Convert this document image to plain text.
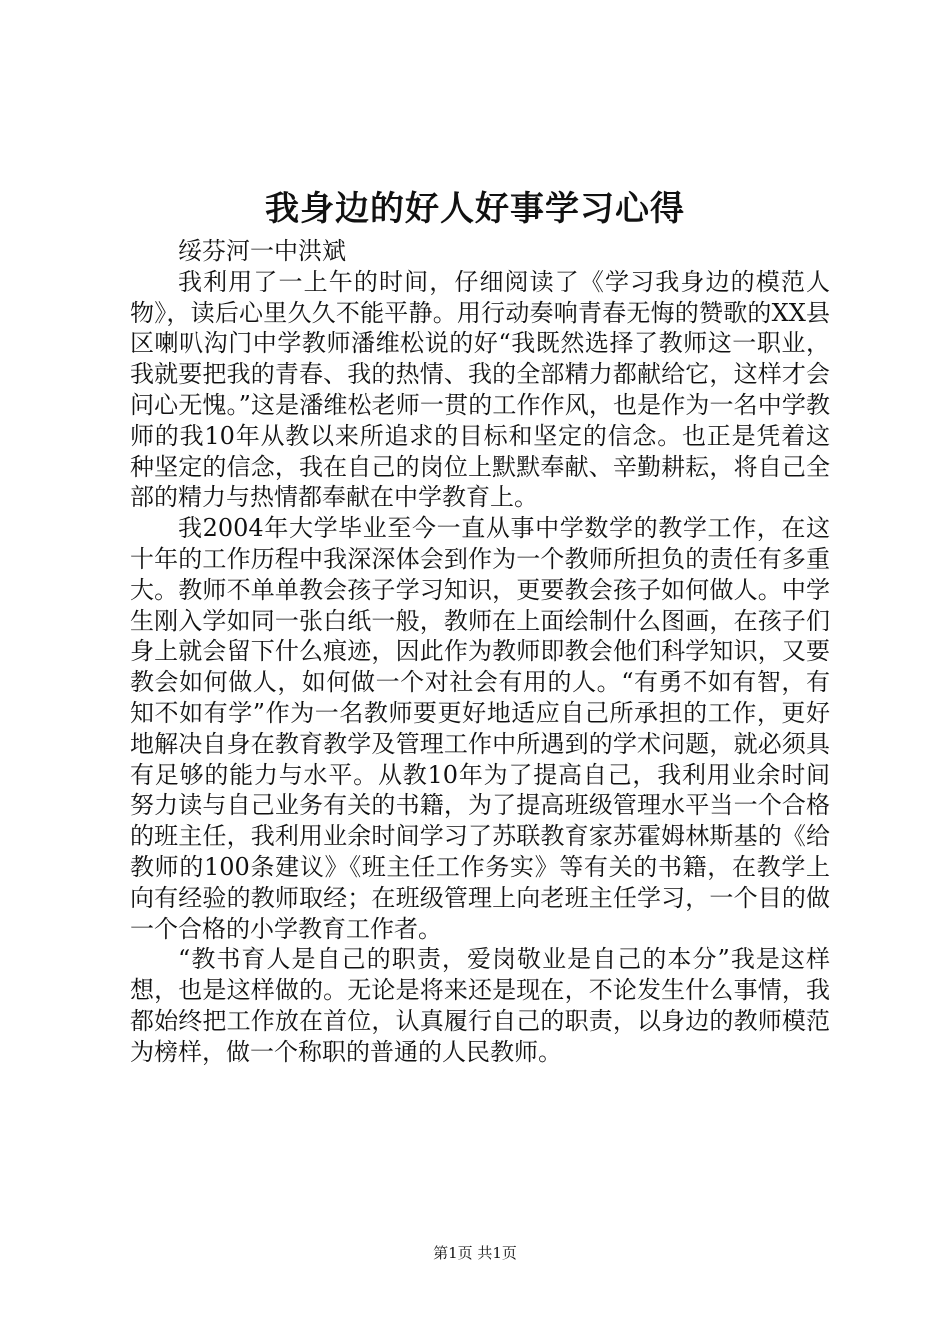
我身边的好人好事学习心得

绥芬河一中洪斌

我利用了一上午的时间，仔细阅读了《学习我身边的模范人物》，读后心里久久不能平静。用行动奏响青春无悔的赞歌的XX县区喇叭沟门中学教师潘维松说的好“我既然选择了教师这一职业，我就要把我的青春、我的热情、我的全部精力都献给它，这样才会问心无愧。”这是潘维松老师一贯的工作作风，也是作为一名中学教师的我10年从教以来所追求的目标和坚定的信念。也正是凭着这种坚定的信念，我在自己的岗位上默默奉献、辛勤耕耘，将自己全部的精力与热情都奉献在中学教育上。

我2004年大学毕业至今一直从事中学数学的教学工作，在这十年的工作历程中我深深体会到作为一个教师所担负的责任有多重大。教师不单单教会孩子学习知识，更要教会孩子如何做人。中学生刚入学如同一张白纸一般，教师在上面绘制什么图画，在孩子们身上就会留下什么痕迹，因此作为教师即教会他们科学知识，又要教会如何做人，如何做一个对社会有用的人。“有勇不如有智，有知不如有学”作为一名教师要更好地适应自己所承担的工作，更好地解决自身在教育教学及管理工作中所遇到的学术问题，就必须具有足够的能力与水平。从教10年为了提高自己，我利用业余时间努力读与自己业务有关的书籍，为了提高班级管理水平当一个合格的班主任，我利用业余时间学习了苏联教育家苏霍姆林斯基的《给教师的100条建议》《班主任工作务实》等有关的书籍，在教学上向有经验的教师取经；在班级管理上向老班主任学习，一个目的做一个合格的小学教育工作者。

“教书育人是自己的职责，爱岗敬业是自己的本分”我是这样想，也是这样做的。无论是将来还是现在，不论发生什么事情，我都始终把工作放在首位，认真履行自己的职责，以身边的教师模范为榜样，做一个称职的普通的人民教师。

第1页 共1页
